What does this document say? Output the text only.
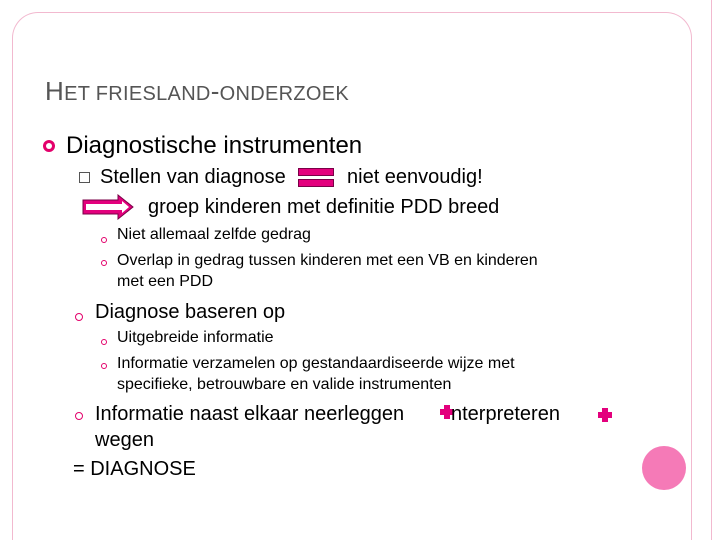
HET FRIESLAND-ONDERZOEK
Diagnostische instrumenten
Stellen van diagnose	niet eenvoudig!
groep kinderen met definitie PDD breed
Niet allemaal zelfde gedrag
Overlap in gedrag tussen kinderen met een VB en kinderen
met een PDD
Diagnose baseren op
Uitgebreide informatie
Informatie verzamelen op gestandaardiseerde wijze met
specifieke, betrouwbare en valide instrumenten
Informatie naast elkaar neerleggen nterpreteren
wegen
= DIAGNOSE
